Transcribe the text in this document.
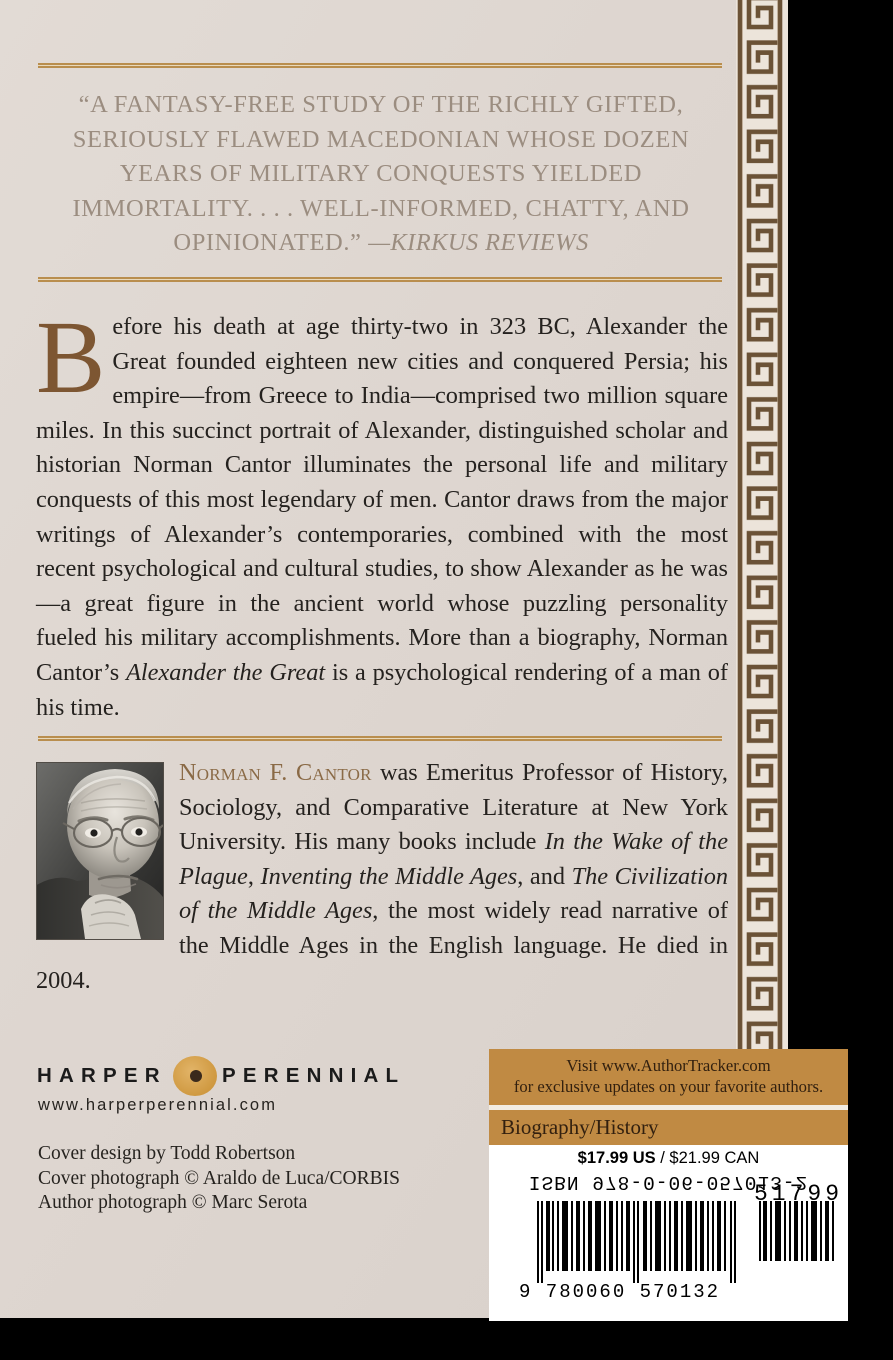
“A FANTASY-FREE STUDY OF THE RICHLY GIFTED, SERIOUSLY FLAWED MACEDONIAN WHOSE DOZEN YEARS OF MILITARY CONQUESTS YIELDED IMMORTALITY. . . . WELL-INFORMED, CHATTY, AND OPINIONATED.” —KIRKUS REVIEWS
Before his death at age thirty-two in 323 BC, Alexander the Great founded eighteen new cities and conquered Persia; his empire—from Greece to India—comprised two million square miles. In this succinct portrait of Alexander, distinguished scholar and historian Norman Cantor illuminates the personal life and military conquests of this most legendary of men. Cantor draws from the major writings of Alexander’s contemporaries, combined with the most recent psychological and cultural studies, to show Alexander as he was—a great figure in the ancient world whose puzzling personality fueled his military accomplishments. More than a biography, Norman Cantor’s Alexander the Great is a psychological rendering of a man of his time.
Norman F. Cantor was Emeritus Professor of History, Sociology, and Comparative Literature at New York University. His many books include In the Wake of the Plague, Inventing the Middle Ages, and The Civilization of the Middle Ages, the most widely read narrative of the Middle Ages in the English language. He died in 2004.
HARPER	PERENNIAL
www.harperperennial.com
Cover design by Todd Robertson
Cover photograph © Araldo de Luca/CORBIS
Author photograph © Marc Serota
Visit www.AuthorTracker.com
for exclusive updates on your favorite authors.
Biography/History
$17.99 US / $21.99 CAN
ISBN 978-0-06-057013-2
51799
9 780060 570132
